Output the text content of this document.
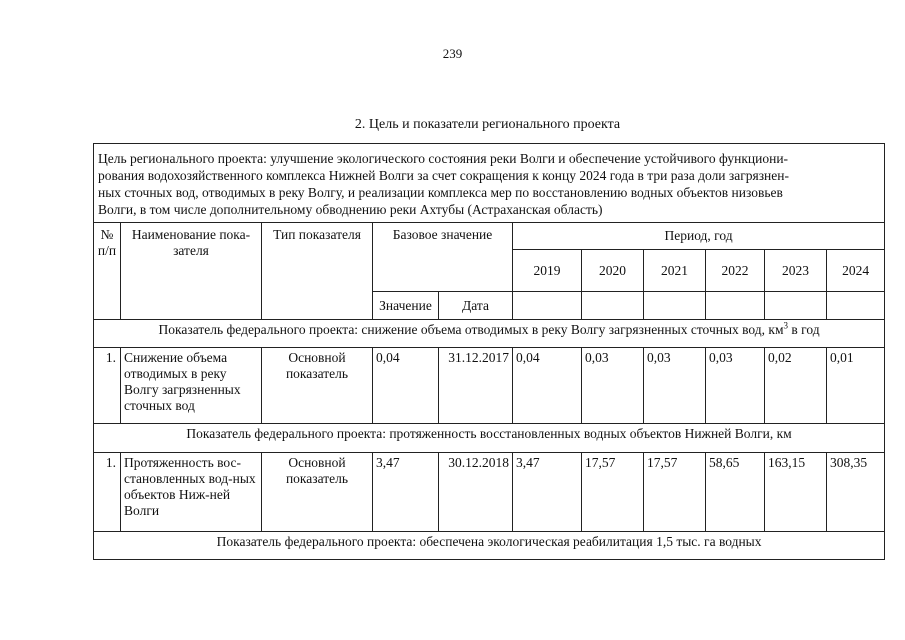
239
2. Цель и показатели регионального проекта
Цель регионального проекта: улучшение экологического состояния реки Волги и обеспечение устойчивого функциони-
рования водохозяйственного комплекса Нижней Волги за счет сокращения к концу 2024 года в три раза доли загрязнен-
ных сточных вод, отводимых в реку Волгу, и реализации комплекса мер по восстановлению водных объектов низовьев
Волги, в том числе дополнительному обводнению реки Ахтубы (Астраханская область)										

№ п/п	Наименование пока-зателя	Тип показателя	Базовое значение		Период, год					
					2019	2020	2021	2022	2023	2024
			Значение	Дата						
Показатель федерального проекта: снижение объема отводимых в реку Волгу загрязненных сточных вод, $км^3$ в год										
1.	Снижение объема отводимых в реку Волгу загрязненных сточных вод	Основной показатель	0,04	31.12.2017	0,04	0,03	0,03	0,03	0,02	0,01
Показатель федерального проекта: протяженность восстановленных водных объектов Нижней Волги, км										
1.	Протяженность вос-становленных вод-ных объектов Ниж-ней Волги	Основной показатель	3,47	30.12.2018	3,47	17,57	17,57	58,65	163,15	308,35
Показатель федерального проекта: обеспечена экологическая реабилитация 1,5 тыс. га водных										
